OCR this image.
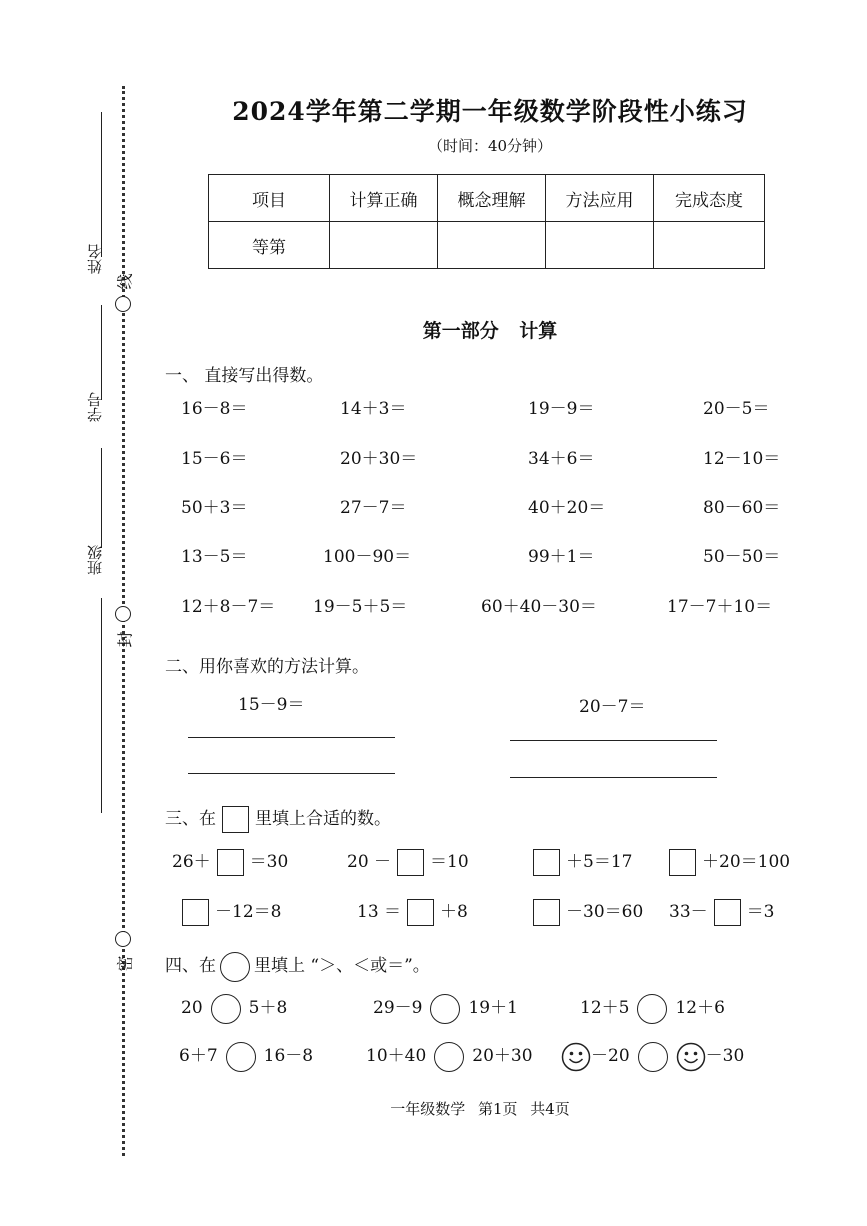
姓名
学号
班级
线
封
密
2024学年第二学期一年级数学阶段性小练习
（时间：40分钟）
项目	计算正确	概念理解	方法应用	完成态度
等第				
第一部分 计算
一、 直接写出得数。
16－8＝	14＋3＝	19－9＝	20－5＝
15－6＝	20＋30＝	34＋6＝	12－10＝
50＋3＝	27－7＝	40＋20＝	80－60＝
13－5＝	100－90＝	99＋1＝	50－50＝
12＋8－7＝ 19－5＋5＝	60＋40－30＝	17－7＋10＝
二、用你喜欢的方法计算。
15－9＝	20－7＝
三、在 里填上合适的数。
26＋ ＝30	20 － ＝10	＋5＝17	＋20＝100
－12＝8	13 ＝ ＋8	－30＝60 33－ ＝3
四、在 里填上 “＞、＜或＝”。
20	5＋8	29－9	19＋1	12＋5	12＋6
6＋7	16－8	10＋40	20＋30	－20	－30
一年级数学 第1页 共4页
